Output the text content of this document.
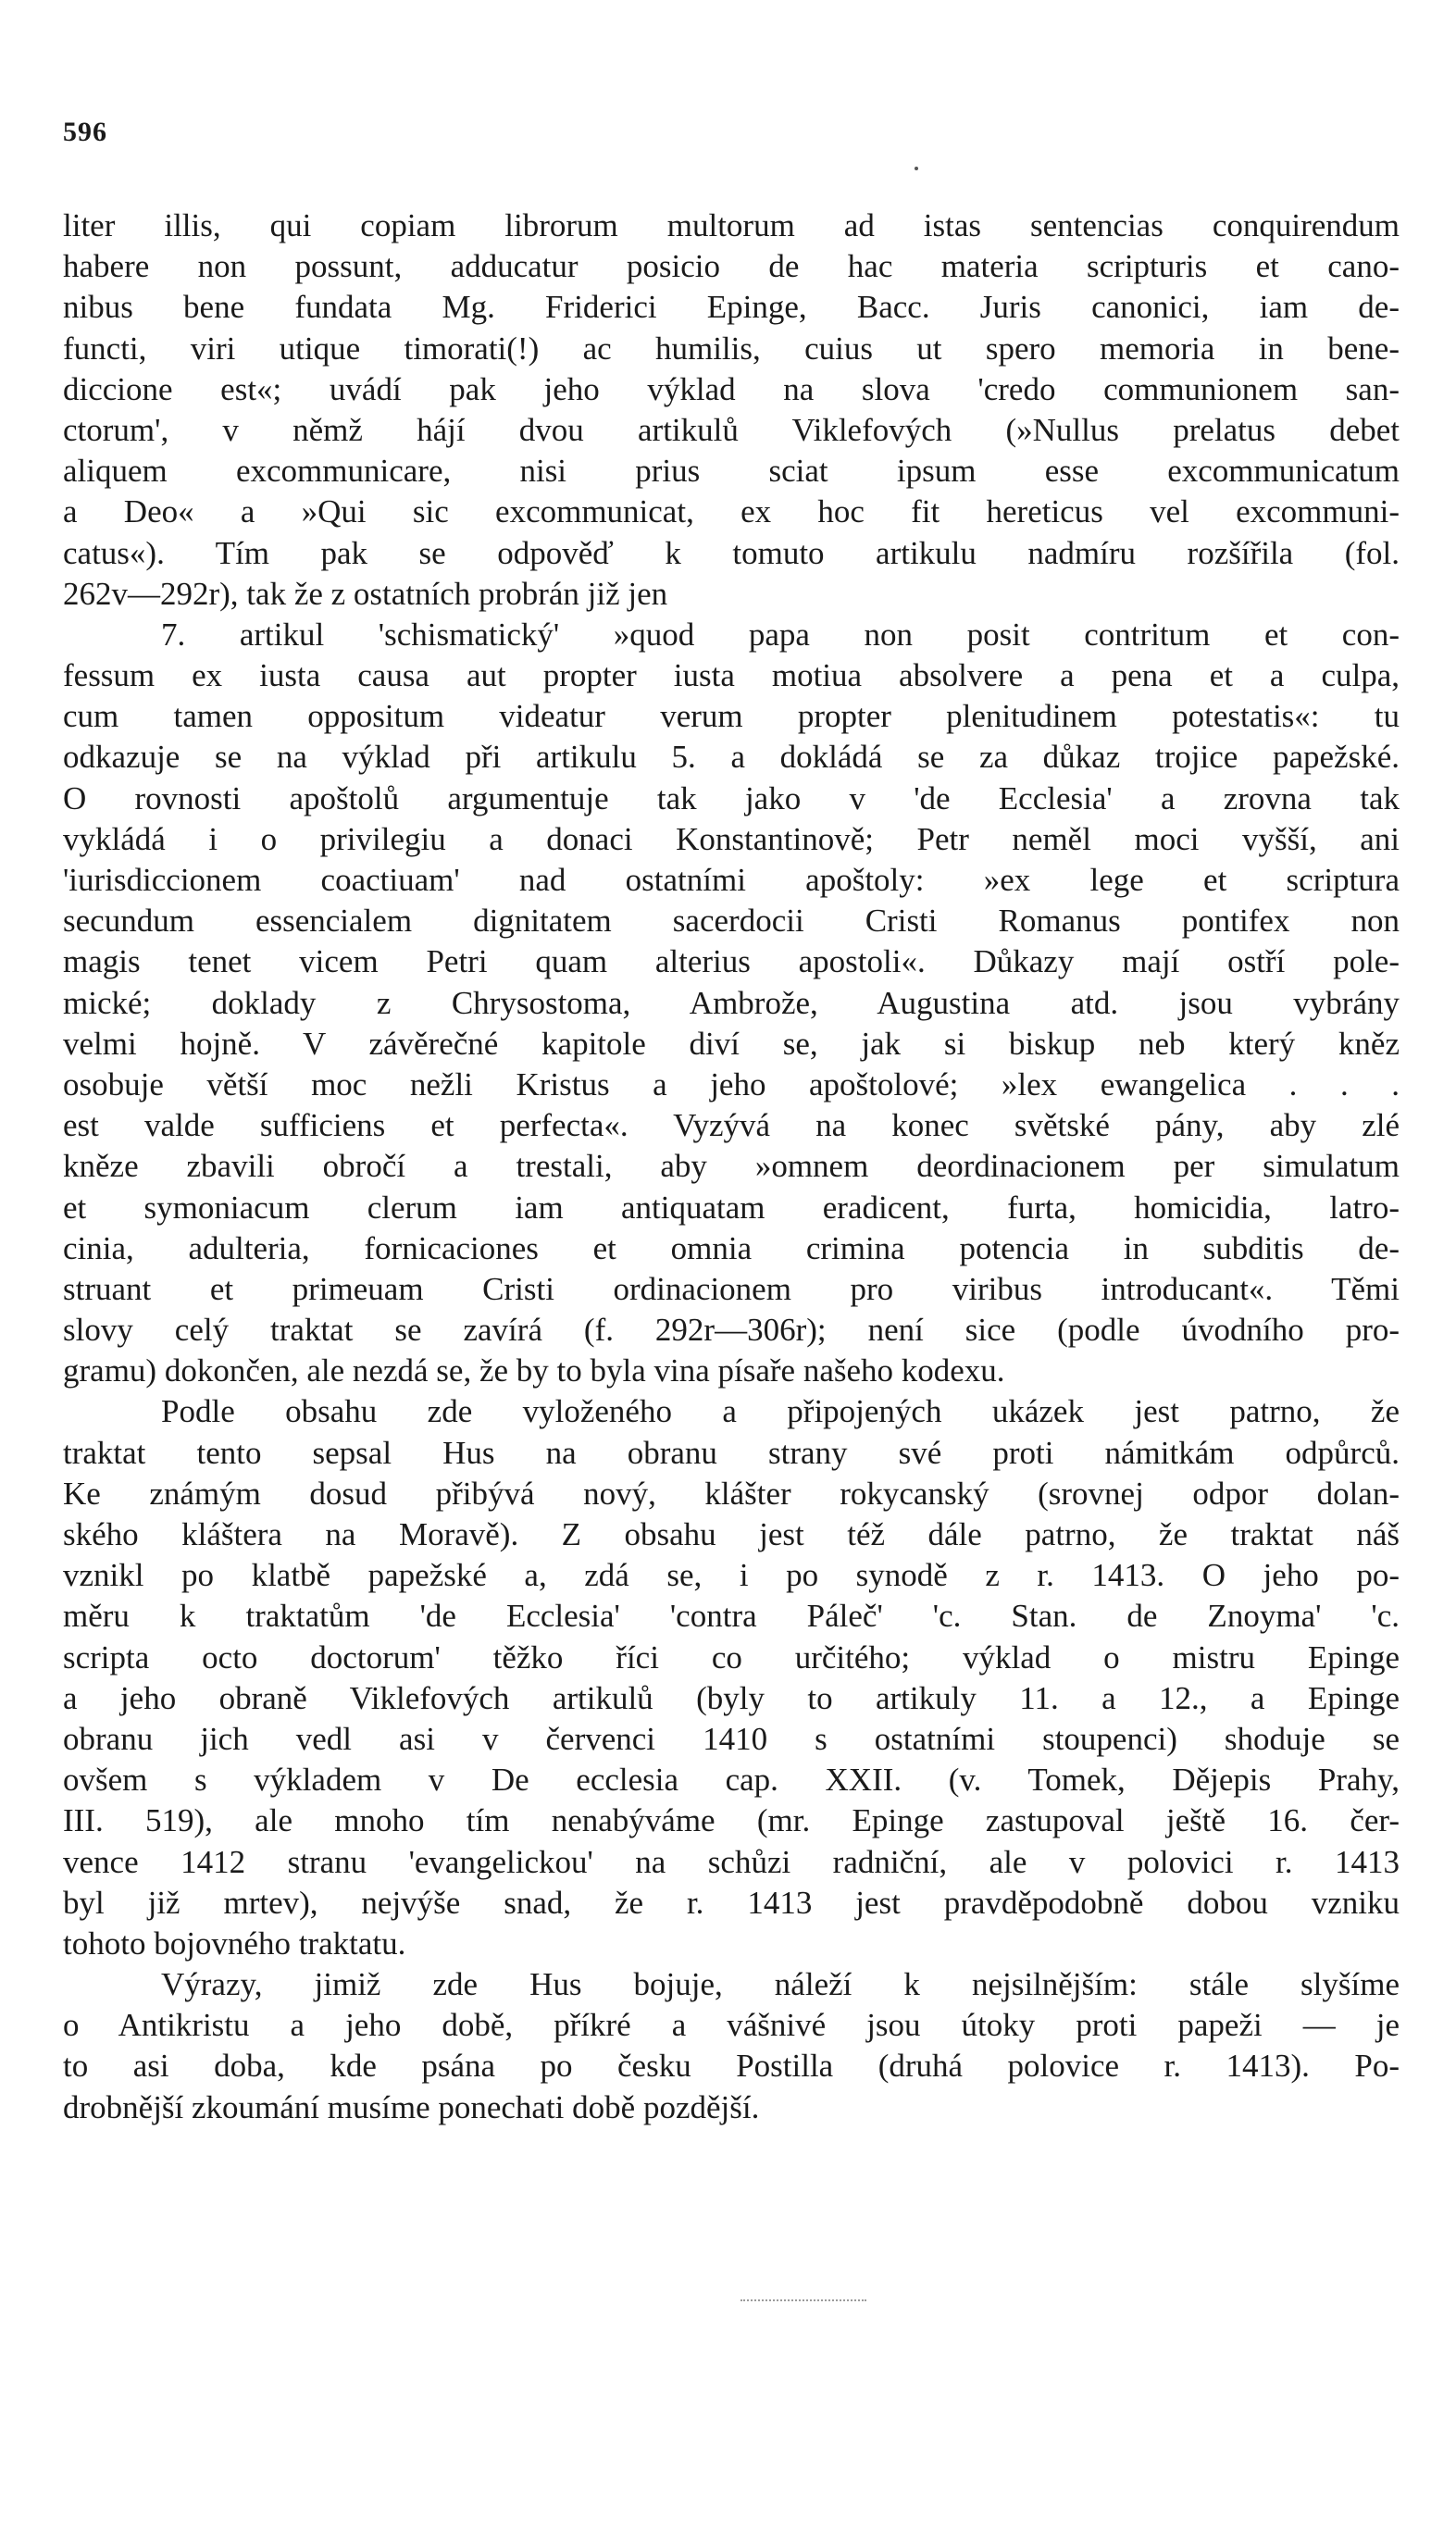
596
liter illis, qui copiam librorum multorum ad istas sentencias conquirendum
habere non possunt, adducatur posicio de hac materia scripturis et cano-
nibus bene fundata Mg. Friderici Epinge, Bacc. Juris canonici, iam de-
functi, viri utique timorati(!) ac humilis, cuius ut spero memoria in bene-
diccione est«; uvádí pak jeho výklad na slova 'credo communionem san-
ctorum', v němž hájí dvou artikulů Viklefových (»Nullus prelatus debet
aliquem excommunicare, nisi prius sciat ipsum esse excommunicatum
a Deo« a »Qui sic excommunicat, ex hoc fit hereticus vel excommuni-
catus«). Tím pak se odpověď k tomuto artikulu nadmíru rozšířila (fol.
262v—292r), tak že z ostatních probrán již jen
7. artikul 'schismatický' »quod papa non posit contritum et con-
fessum ex iusta causa aut propter iusta motiua absolvere a pena et a culpa,
cum tamen oppositum videatur verum propter plenitudinem potestatis«: tu
odkazuje se na výklad při artikulu 5. a dokládá se za důkaz trojice papežské.
O rovnosti apoštolů argumentuje tak jako v 'de Ecclesia' a zrovna tak
vykládá i o privilegiu a donaci Konstantinově; Petr neměl moci vyšší, ani
'iurisdiccionem coactiuam' nad ostatními apoštoly: »ex lege et scriptura
secundum essencialem dignitatem sacerdocii Cristi Romanus pontifex non
magis tenet vicem Petri quam alterius apostoli«. Důkazy mají ostří pole-
mické; doklady z Chrysostoma, Ambrože, Augustina atd. jsou vybrány
velmi hojně. V závěrečné kapitole diví se, jak si biskup neb který kněz
osobuje větší moc nežli Kristus a jeho apoštolové; »lex ewangelica . . .
est valde sufficiens et perfecta«. Vyzývá na konec světské pány, aby zlé
kněze zbavili obročí a trestali, aby »omnem deordinacionem per simulatum
et symoniacum clerum iam antiquatam eradicent, furta, homicidia, latro-
cinia, adulteria, fornicaciones et omnia crimina potencia in subditis de-
struant et primeuam Cristi ordinacionem pro viribus introducant«. Těmi
slovy celý traktat se zavírá (f. 292r—306r); není sice (podle úvodního pro-
gramu) dokončen, ale nezdá se, že by to byla vina písaře našeho kodexu.
Podle obsahu zde vyloženého a připojených ukázek jest patrno, že
traktat tento sepsal Hus na obranu strany své proti námitkám odpůrců.
Ke známým dosud přibývá nový, klášter rokycanský (srovnej odpor dolan-
ského kláštera na Moravě). Z obsahu jest též dále patrno, že traktat náš
vznikl po klatbě papežské a, zdá se, i po synodě z r. 1413. O jeho po-
měru k traktatům 'de Ecclesia' 'contra Páleč' 'c. Stan. de Znoyma' 'c.
scripta octo doctorum' těžko říci co určitého; výklad o mistru Epinge
a jeho obraně Viklefových artikulů (byly to artikuly 11. a 12., a Epinge
obranu jich vedl asi v červenci 1410 s ostatními stoupenci) shoduje se
ovšem s výkladem v De ecclesia cap. XXII. (v. Tomek, Dějepis Prahy,
III. 519), ale mnoho tím nenabýváme (mr. Epinge zastupoval ještě 16. čer-
vence 1412 stranu 'evangelickou' na schůzi radniční, ale v polovici r. 1413
byl již mrtev), nejvýše snad, že r. 1413 jest pravděpodobně dobou vzniku
tohoto bojovného traktatu.
Výrazy, jimiž zde Hus bojuje, náleží k nejsilnějším: stále slyšíme
o Antikristu a jeho době, příkré a vášnivé jsou útoky proti papeži — je
to asi doba, kde psána po česku Postilla (druhá polovice r. 1413). Po-
drobnější zkoumání musíme ponechati době pozdější.
